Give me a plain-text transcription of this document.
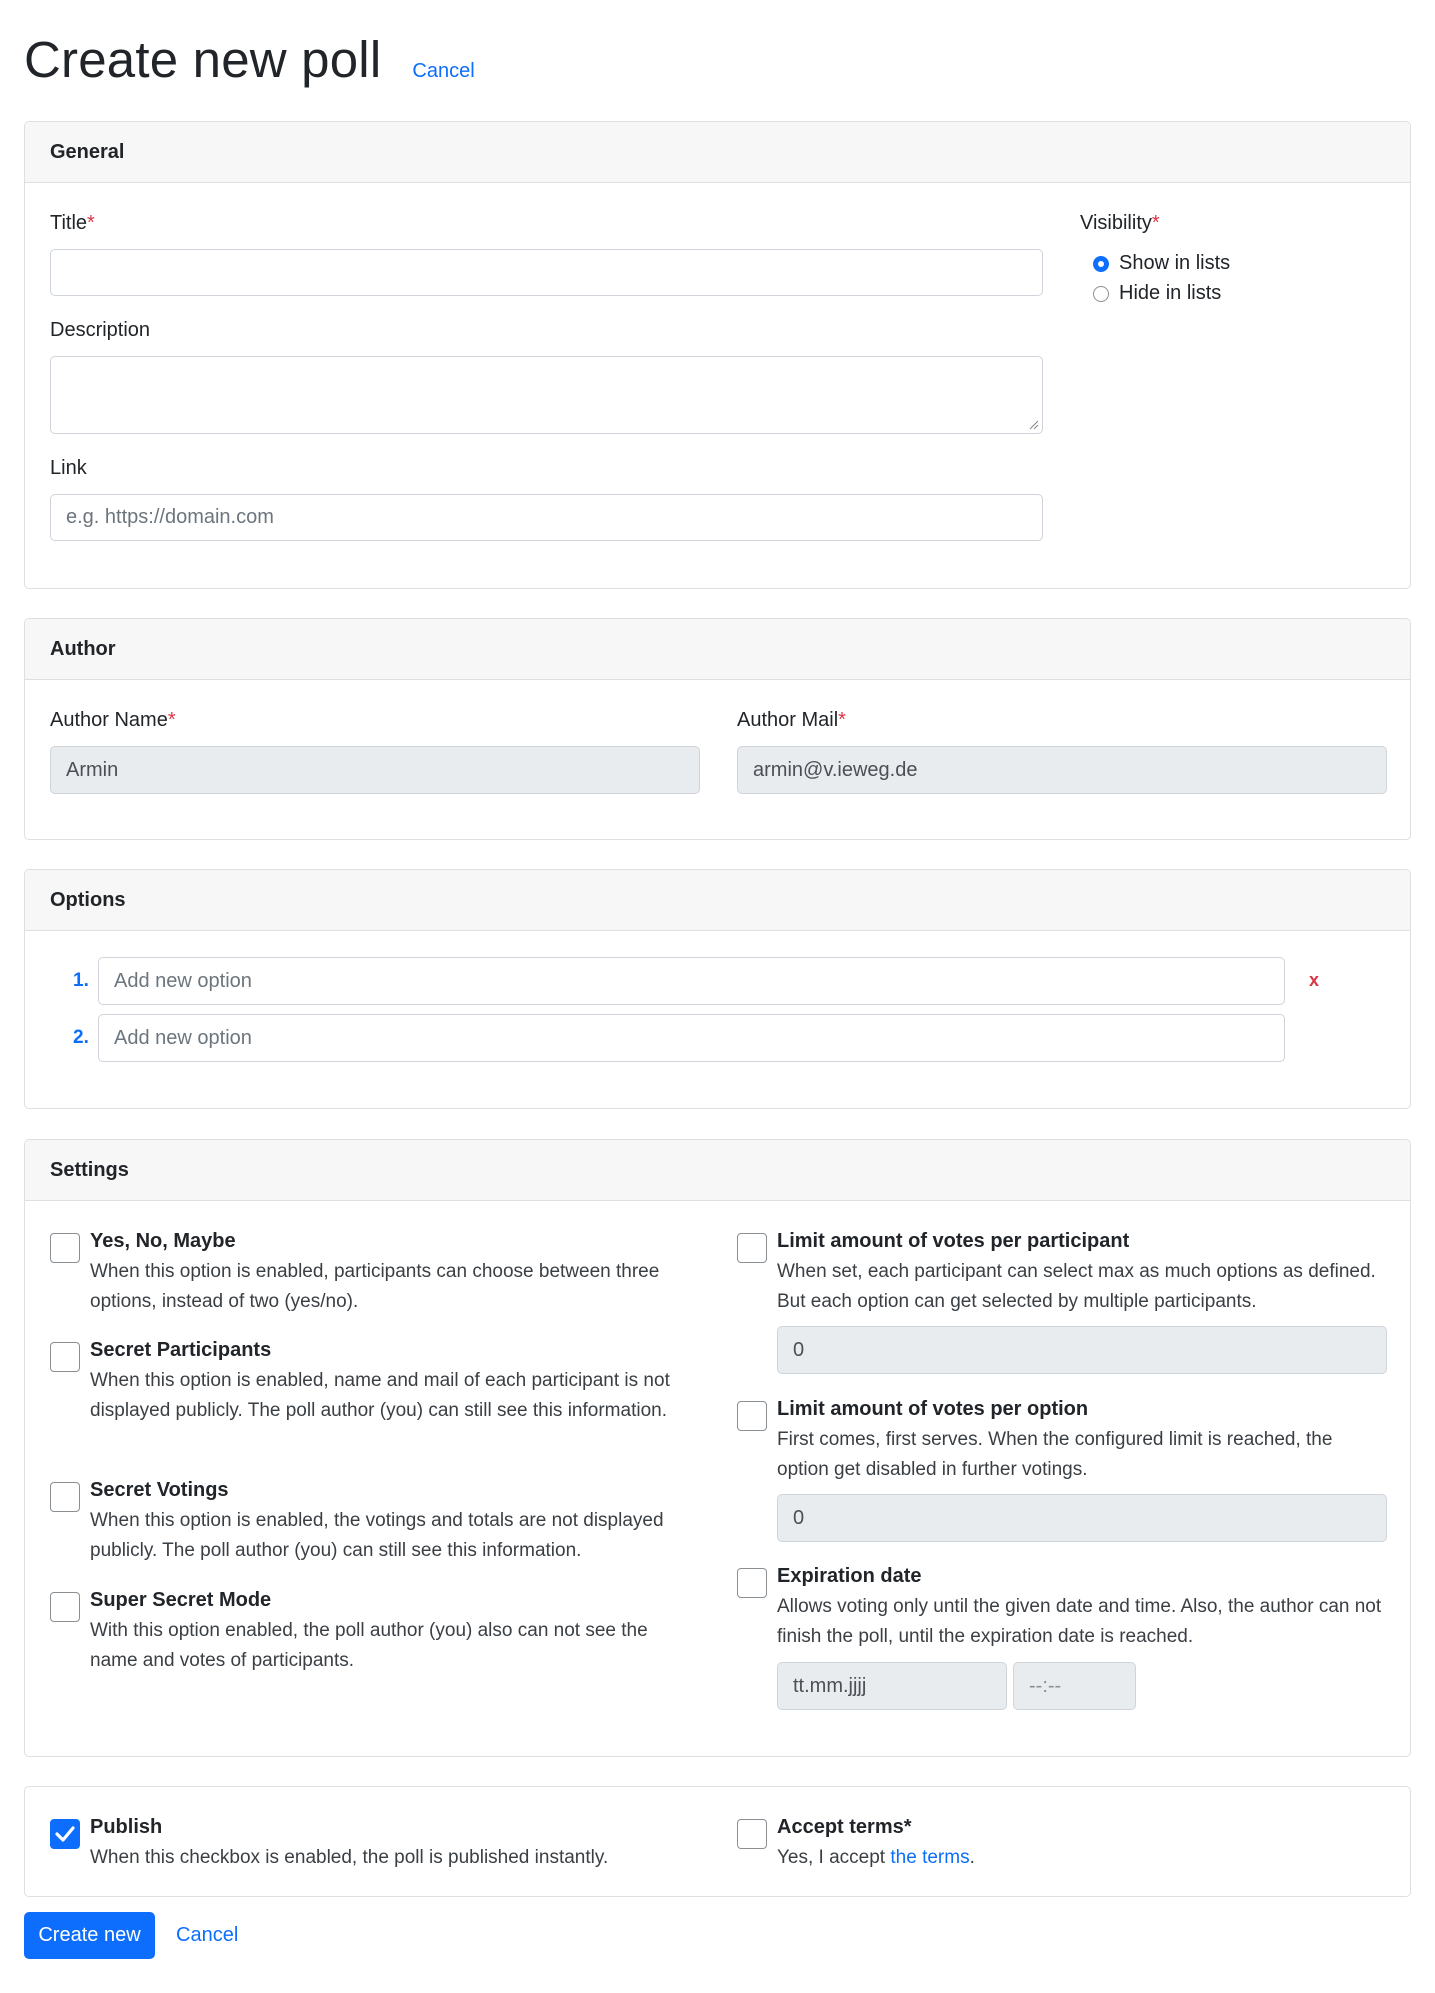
Create new poll Cancel
General
Title*
Description
Link
e.g. https://domain.com
Visibility*
Show in lists
Hide in lists
Author
Author Name*
Armin
Author Mail*
armin@v.ieweg.de
Options
1. Add new option	x
2. Add new option
Settings
Yes, No, Maybe
When this option is enabled, participants can choose between three options, instead of two (yes/no).
Secret Participants
When this option is enabled, name and mail of each participant is not displayed publicly. The poll author (you) can still see this information.
Secret Votings
When this option is enabled, the votings and totals are not displayed publicly. The poll author (you) can still see this information.
Super Secret Mode
With this option enabled, the poll author (you) also can not see the name and votes of participants.
Limit amount of votes per participant
When set, each participant can select max as much options as defined. But each option can get selected by multiple participants.
0
Limit amount of votes per option
First comes, first serves. When the configured limit is reached, the option get disabled in further votings.
0
Expiration date
Allows voting only until the given date and time. Also, the author can not finish the poll, until the expiration date is reached.
tt.mm.jjjj	--:--
Publish
When this checkbox is enabled, the poll is published instantly.
Accept terms*
Yes, I accept the terms.
Create new	Cancel
